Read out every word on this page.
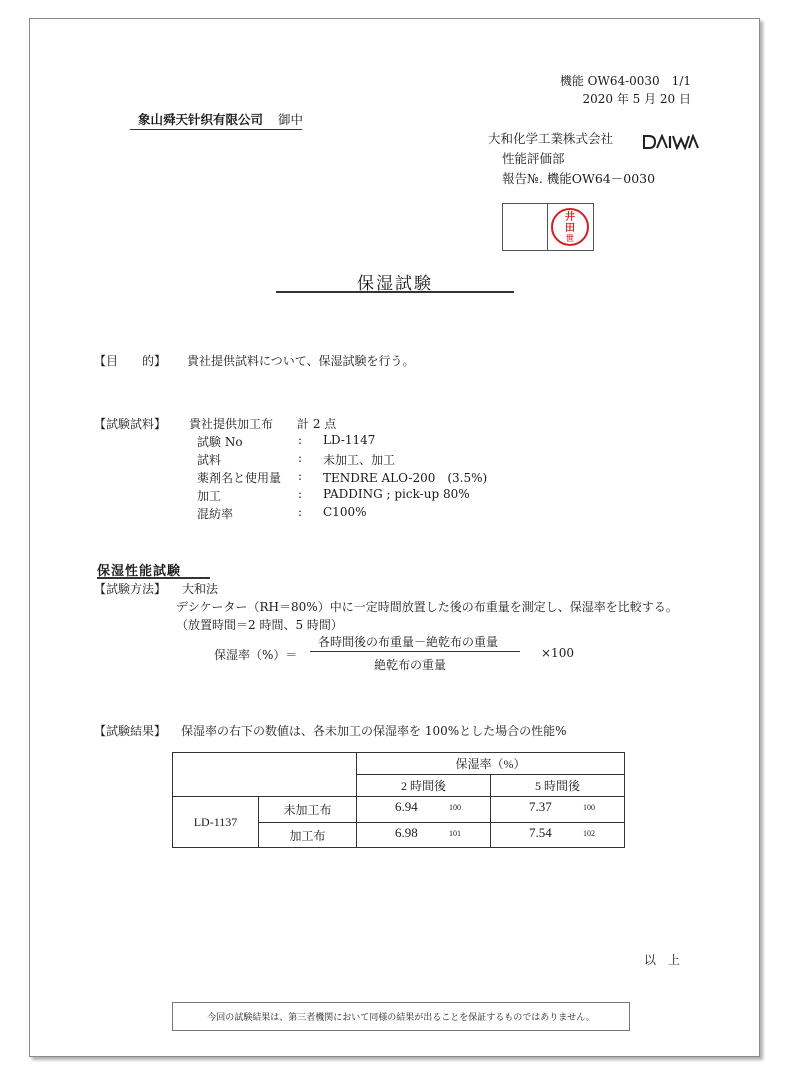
機能 OW64-0030　1/1
2020 年 5 月 20 日
象山舜天针织有限公司 御中
大和化学工業株式会社
性能評価部
報告№. 機能OW64－0030
井
田
世
保湿試験
【目　　的】 貴社提供試料について、保湿試験を行う。
【試験試料】 貴社提供加工布　　計 2 点
試験 No	: LD-1147
試料	: 未加工、加工
薬剤名と使用量 : TENDRE ALO-200　(3.5%)
加工	: PADDING ; pick-up 80%
混紡率	: C100%
保湿性能試験
【試験方法】 大和法
デシケーター（RH＝80%）中に一定時間放置した後の布重量を測定し、保湿率を比較する。
（放置時間＝2 時間、5 時間）
保湿率（%）＝
各時間後の布重量－絶乾布の重量
絶乾布の重量
×100
【試験結果】 保湿率の右下の数値は、各未加工の保湿率を 100%とした場合の性能%
		保湿率（%）	
		2 時間後	5 時間後
LD-1137	未加工布	6.94 100	7.37 100

	加工布	6.98 101	7.54 102
以　上
今回の試験結果は、第三者機関において同様の結果が出ることを保証するものではありません。
